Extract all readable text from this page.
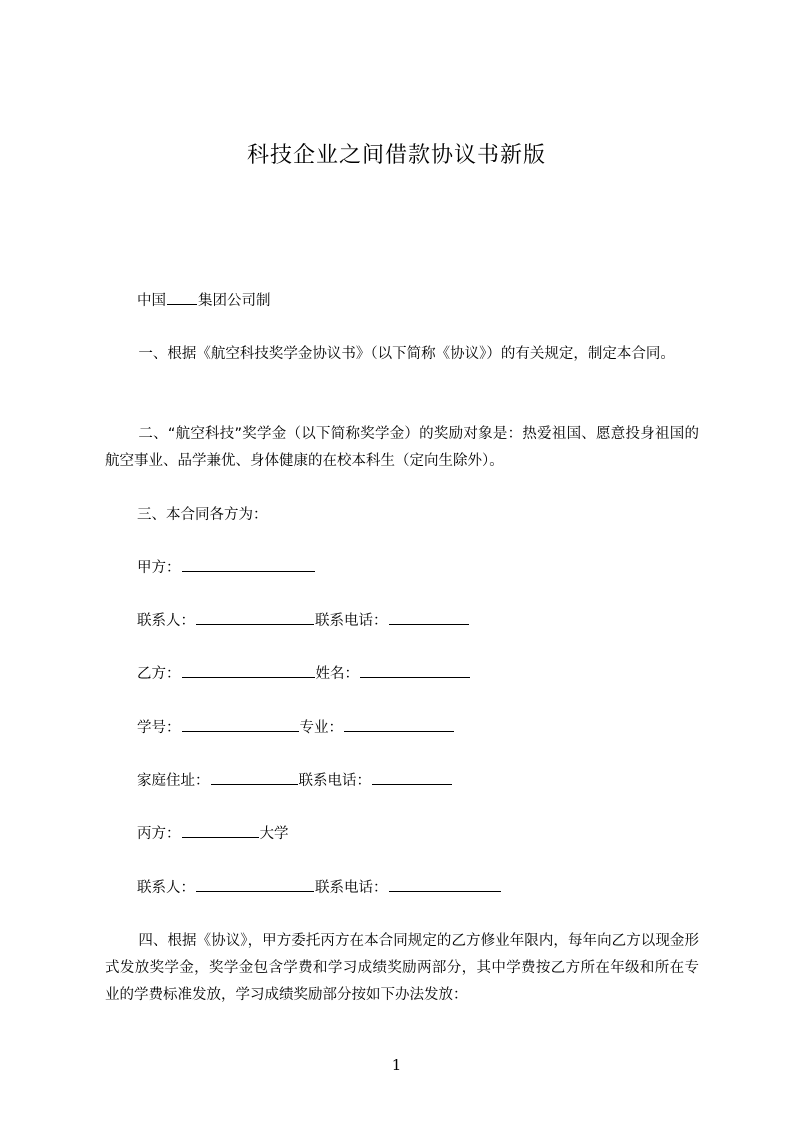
科技企业之间借款协议书新版
中国 集团公司制
一、根据《航空科技奖学金协议书》（以下简称《协议》）的有关规定，制定本合同。
二、“航空科技”奖学金（以下简称奖学金）的奖励对象是：热爱祖国、愿意投身祖国的航空事业、品学兼优、身体健康的在校本科生（定向生除外）。
三、本合同各方为：
甲方：
联系人：	联系电话：
乙方：	姓名：
学号：	专业：
家庭住址：	联系电话：
丙方：	大学
联系人：	联系电话：
四、根据《协议》，甲方委托丙方在本合同规定的乙方修业年限内，每年向乙方以现金形式发放奖学金，奖学金包含学费和学习成绩奖励两部分，其中学费按乙方所在年级和所在专业的学费标准发放，学习成绩奖励部分按如下办法发放：
1
